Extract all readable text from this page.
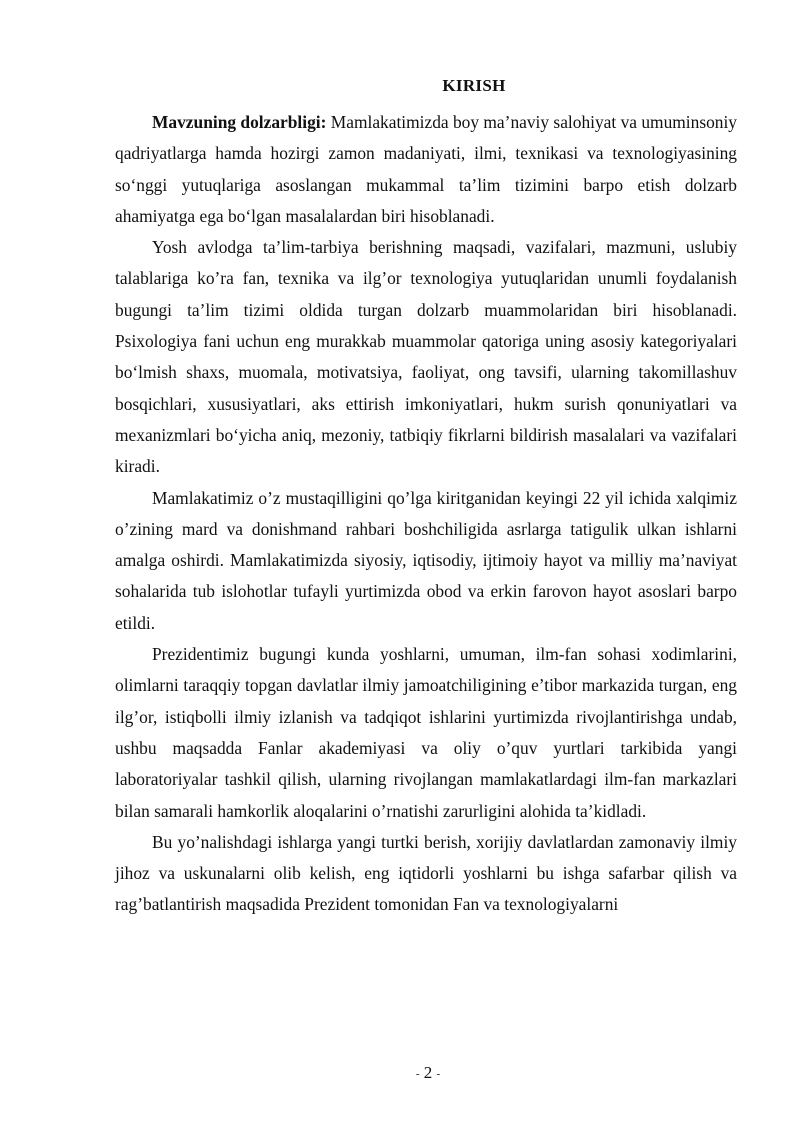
KIRISH

Mavzuning dolzarbligi: Mamlakatimizda boy ma’naviy salohiyat va umuminsoniy qadriyatlarga hamda hozirgi zamon madaniyati, ilmi, texnikasi va texnologiyasining so‘nggi yutuqlariga asoslangan mukammal ta’lim tizimini barpo etish dolzarb ahamiyatga ega bo‘lgan masalalardan biri hisoblanadi.

Yosh avlodga ta’lim-tarbiya berishning maqsadi, vazifalari, mazmuni, uslubiy talablariga ko’ra fan, texnika va ilg’or texnologiya yutuqlaridan unumli foydalanish bugungi ta’lim tizimi oldida turgan dolzarb muammolaridan biri hisoblanadi. Psixologiya fani uchun eng murakkab muammolar qatoriga uning asosiy kategoriyalari bo‘lmish shaxs, muomala, motivatsiya, faoliyat, ong tavsifi, ularning takomillashuv bosqichlari, xususiyatlari, aks ettirish imkoniyatlari, hukm surish qonuniyatlari va mexanizmlari bo‘yicha aniq, mezoniy, tatbiqiy fikrlarni bildirish masalalari va vazifalari kiradi.

Mamlakatimiz o’z mustaqilligini qo’lga kiritganidan keyingi 22 yil ichida xalqimiz o’zining mard va donishmand rahbari boshchiligida asrlarga tatigulik ulkan ishlarni amalga oshirdi. Mamlakatimizda siyosiy, iqtisodiy, ijtimoiy hayot va milliy ma’naviyat sohalarida tub islohotlar tufayli yurtimizda obod va erkin farovon hayot asoslari barpo etildi.

Prezidentimiz bugungi kunda yoshlarni, umuman, ilm-fan sohasi xodimlarini, olimlarni taraqqiy topgan davlatlar ilmiy jamoatchiligining e’tibor markazida turgan, eng ilg’or, istiqbolli ilmiy izlanish va tadqiqot ishlarini yurtimizda rivojlantirishga undab, ushbu maqsadda Fanlar akademiyasi va oliy o’quv yurtlari tarkibida yangi laboratoriyalar tashkil qilish, ularning rivojlangan mamlakatlardagi ilm-fan markazlari bilan samarali hamkorlik aloqalarini o’rnatishi zarurligini alohida ta’kidladi.

Bu yo’nalishdagi ishlarga yangi turtki berish, xorijiy davlatlardan zamonaviy ilmiy jihoz va uskunalarni olib kelish, eng iqtidorli yoshlarni bu ishga safarbar qilish va rag’batlantirish maqsadida Prezident tomonidan Fan va texnologiyalarni

- 2 -
